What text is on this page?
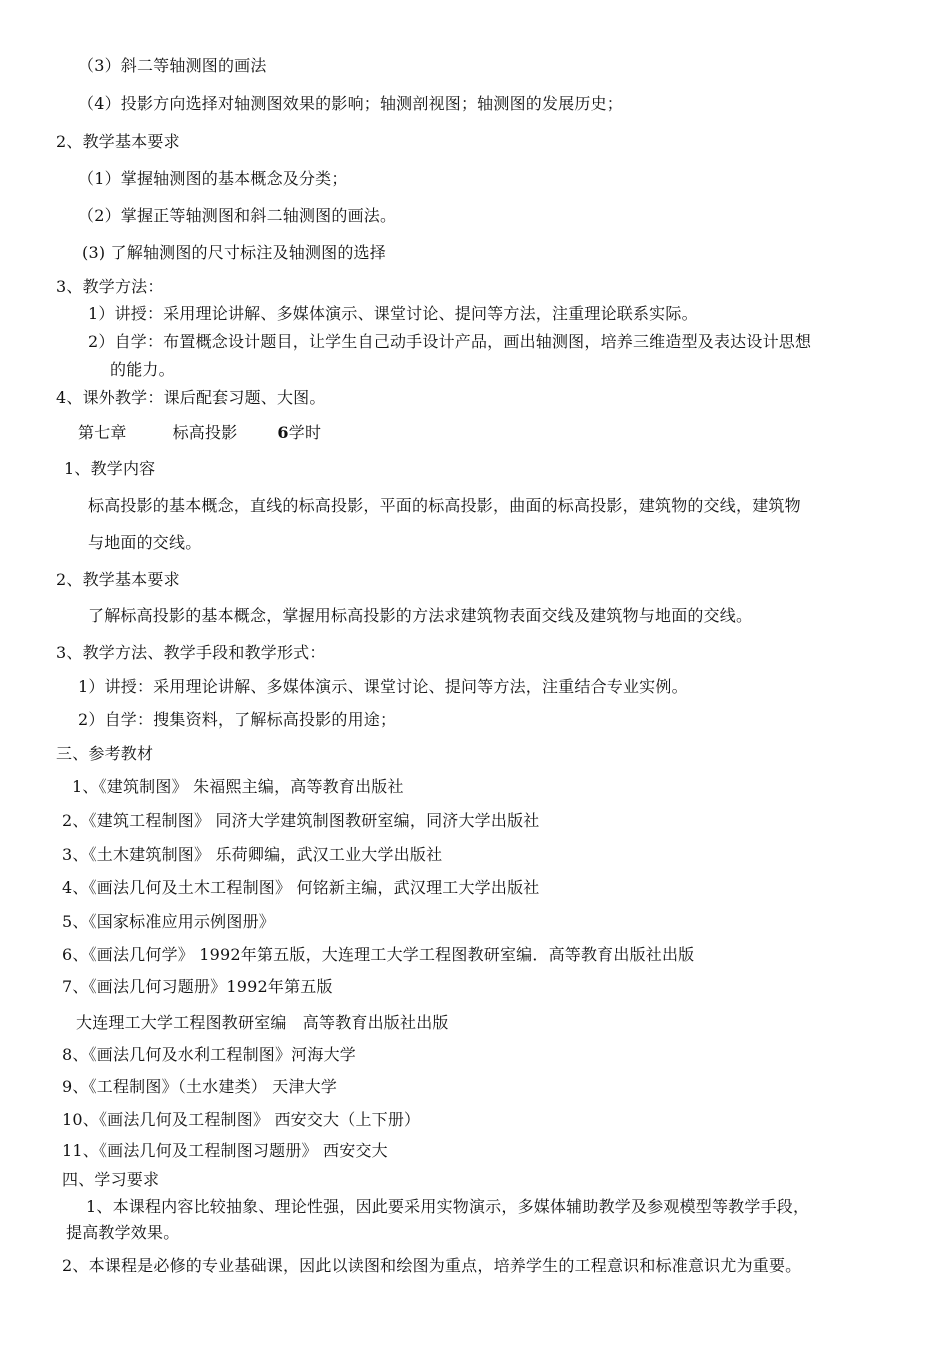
（3）斜二等轴测图的画法
（4）投影方向选择对轴测图效果的影响；轴测剖视图；轴测图的发展历史；
2、教学基本要求
（1）掌握轴测图的基本概念及分类；
（2）掌握正等轴测图和斜二轴测图的画法。
(3) 了解轴测图的尺寸标注及轴测图的选择
3、教学方法：
1）讲授：采用理论讲解、多媒体演示、课堂讨论、提问等方法，注重理论联系实际。
2）自学：布置概念设计题目，让学生自己动手设计产品，画出轴测图，培养三维造型及表达设计思想
的能力。
4、课外教学：课后配套习题、大图。
第七章	标高投影	6学时
1、教学内容
标高投影的基本概念，直线的标高投影，平面的标高投影，曲面的标高投影，建筑物的交线，建筑物
与地面的交线。
2、教学基本要求
了解标高投影的基本概念，掌握用标高投影的方法求建筑物表面交线及建筑物与地面的交线。
3、教学方法、教学手段和教学形式：
1）讲授：采用理论讲解、多媒体演示、课堂讨论、提问等方法，注重结合专业实例。
2）自学：搜集资料，了解标高投影的用途；
三、参考教材
1、《建筑制图》 朱福熙主编，高等教育出版社
2、《建筑工程制图》 同济大学建筑制图教研室编，同济大学出版社
3、《土木建筑制图》 乐荷卿编，武汉工业大学出版社
4、《画法几何及土木工程制图》 何铭新主编，武汉理工大学出版社
5、《国家标准应用示例图册》
6、《画法几何学》 1992年第五版，大连理工大学工程图教研室编．高等教育出版社出版
7、《画法几何习题册》1992年第五版
大连理工大学工程图教研室编　高等教育出版社出版
8、《画法几何及水利工程制图》河海大学
9、《工程制图》（土水建类） 天津大学
10、《画法几何及工程制图》 西安交大（上下册）
11、《画法几何及工程制图习题册》 西安交大
四、学习要求
1、本课程内容比较抽象、理论性强，因此要采用实物演示，多媒体辅助教学及参观模型等教学手段，
提高教学效果。
2、本课程是必修的专业基础课，因此以读图和绘图为重点，培养学生的工程意识和标准意识尤为重要。
